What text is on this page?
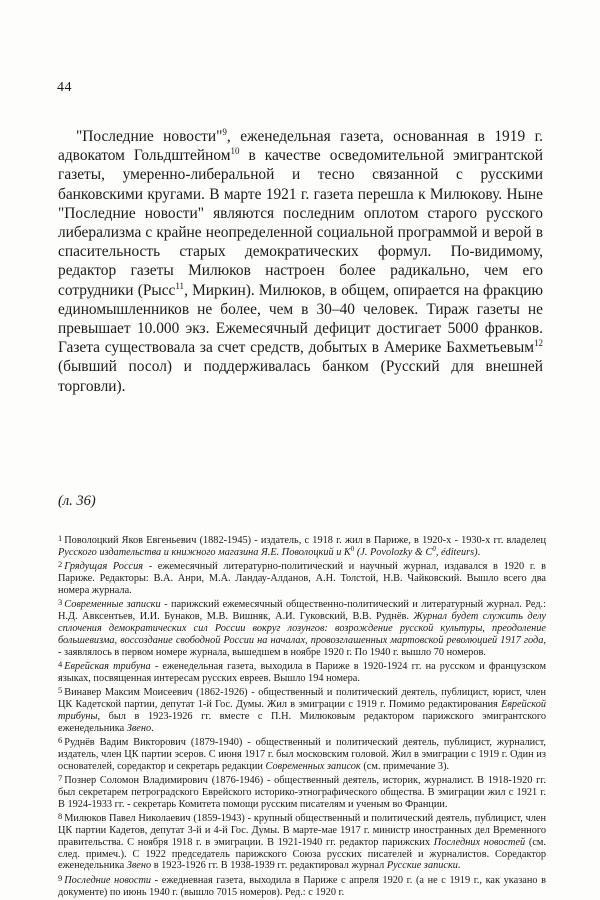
44

"Последние новости"$^9$, еженедельная газета, основанная в 1919 г. адвокатом Гольдштейном$^{10}$ в качестве осведомительной эмигрантской газеты, умеренно-либеральной и тесно связанной с русскими банковскими кругами. В марте 1921 г. газета перешла к Милюкову. Ныне "Последние новости" являются последним оплотом старого русского либерализма с крайне неопределенной социальной программой и верой в спасительность старых демократических формул. По-видимому, редактор газеты Милюков настроен более радикально, чем его сотрудники (Рысс$^{11}$, Миркин). Милюков, в общем, опирается на фракцию единомышленников не более, чем в 30–40 человек. Тираж газеты не превышает 10.000 экз. Ежемесячный дефицит достигает 5000 франков. Газета существовала за счет средств, добытых в Америке Бахметьевым$^{12}$ (бывший посол) и поддерживалась банком (Русский для внешней торговли).

(л. 36)

1 Поволоцкий Яков Евгеньевич (1882-1945) - издатель, с 1918 г. жил в Париже, в 1920-х - 1930-х гг. владелец Русского издательства и книжного магазина Я.Е. Поволоцкий и $К^0$ (J. Povolozky & $C^0$, éditeurs).

2 Грядущая Россия - ежемесячный литературно-политический и научный журнал, издавался в 1920 г. в Париже. Редакторы: В.А. Анри, М.А. Ландау-Алданов, А.Н. Толстой, Н.В. Чайковский. Вышло всего два номера журнала.

3 Современные записки - парижский ежемесячный общественно-политический и литературный журнал. Ред.: Н.Д. Авксентьев, И.И. Бунаков, М.В. Вишняк, А.И. Гуковский, В.В. Руднёв. Журнал будет служить делу сплочения демократических сил России вокруг лозунгов: возрождение русской культуры, преодоление большевизма, воссоздание свободной России на началах, провозглашенных мартовской революцией 1917 года, - заявлялось в первом номере журнала, вышедшем в ноябре 1920 г. По 1940 г. вышло 70 номеров.

4 Еврейская трибуна - еженедельная газета, выходила в Париже в 1920-1924 гг. на русском и французском языках, посвященная интересам русских евреев. Вышло 194 номера.

5 Винавер Максим Моисеевич (1862-1926) - общественный и политический деятель, публицист, юрист, член ЦК Кадетской партии, депутат 1-й Гос. Думы. Жил в эмиграции с 1919 г. Помимо редактирования Еврейской трибуны, был в 1923-1926 гг. вместе с П.Н. Милюковым редактором парижского эмигрантского еженедельника Звено.

6 Руднёв Вадим Викторович (1879-1940) - общественный и политический деятель, публицист, журналист, издатель, член ЦК партии эсеров. С июня 1917 г. был московским головой. Жил в эмиграции с 1919 г. Один из основателей, соредактор и секретарь редакции Современных записок (см. примечание 3).

7 Познер Соломон Владимирович (1876-1946) - общественный деятель, историк, журналист. В 1918-1920 гг. был секретарем петроградского Еврейского историко-этнографического общества. В эмиграции жил с 1921 г. В 1924-1933 гг. - секретарь Комитета помощи русским писателям и ученым во Франции.

8 Милюков Павел Николаевич (1859-1943) - крупный общественный и политический деятель, публицист, член ЦК партии Кадетов, депутат 3-й и 4-й Гос. Думы. В марте-мае 1917 г. министр иностранных дел Временного правительства. С ноября 1918 г. в эмиграции. В 1921-1940 гг. редактор парижских Последних новостей (см. след. примеч.). С 1922 председатель парижского Союза русских писателей и журналистов. Соредактор еженедельника Звено в 1923-1926 гг. В 1938-1939 гг. редактировал журнал Русские записки.

9 Последние новости - ежедневная газета, выходила в Париже с апреля 1920 г. (а не с 1919 г., как указано в документе) по июнь 1940 г. (вышло 7015 номеров). Ред.: с 1920 г.
